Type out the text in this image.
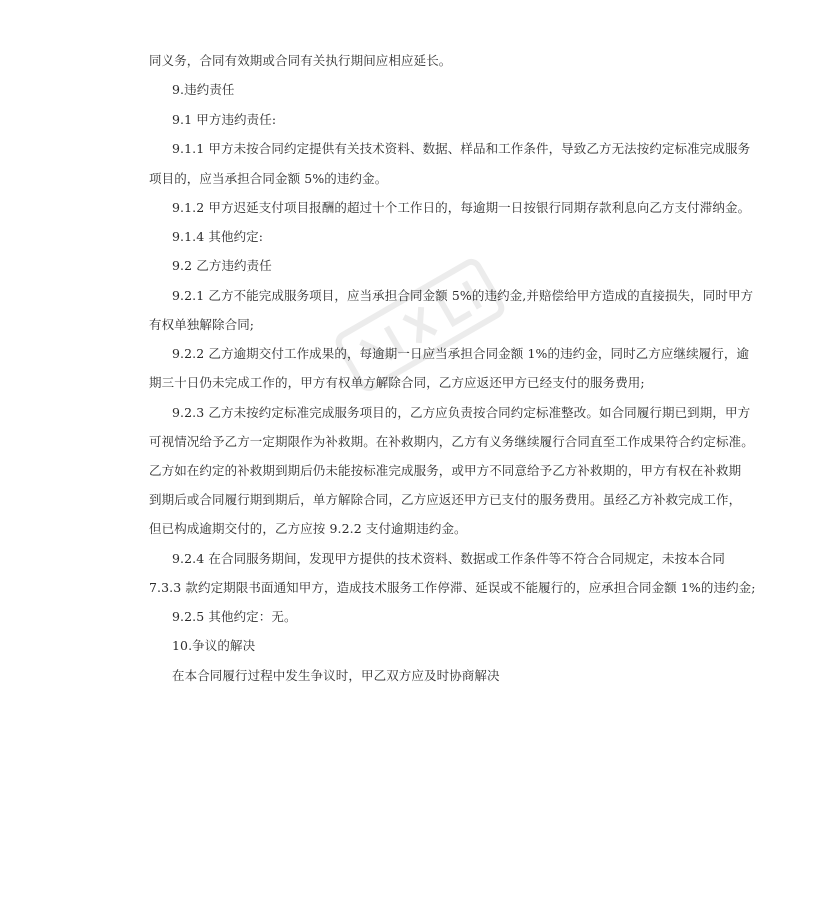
同义务，合同有效期或合同有关执行期间应相应延长。
9.违约责任
9.1 甲方违约责任:
9.1.1 甲方未按合同约定提供有关技术资料、数据、样品和工作条件，导致乙方无法按约定标准完成服务
项目的，应当承担合同金额 5%的违约金。
9.1.2 甲方迟延支付项目报酬的超过十个工作日的，每逾期一日按银行同期存款利息向乙方支付滞纳金。
9.1.4 其他约定:
9.2 乙方违约责任
9.2.1 乙方不能完成服务项目，应当承担合同金额 5%的违约金,并赔偿给甲方造成的直接损失，同时甲方
有权单独解除合同;
9.2.2 乙方逾期交付工作成果的，每逾期一日应当承担合同金额 1%的违约金，同时乙方应继续履行，逾
期三十日仍未完成工作的，甲方有权单方解除合同，乙方应返还甲方已经支付的服务费用;
9.2.3 乙方未按约定标准完成服务项目的，乙方应负责按合同约定标准整改。如合同履行期已到期，甲方
可视情况给予乙方一定期限作为补救期。在补救期内，乙方有义务继续履行合同直至工作成果符合约定标准。
乙方如在约定的补救期到期后仍未能按标准完成服务，或甲方不同意给予乙方补救期的，甲方有权在补救期
到期后或合同履行期到期后，单方解除合同，乙方应返还甲方已支付的服务费用。虽经乙方补救完成工作，
但已构成逾期交付的，乙方应按 9.2.2 支付逾期违约金。
9.2.4 在合同服务期间，发现甲方提供的技术资料、数据或工作条件等不符合合同规定，未按本合同
7.3.3 款约定期限书面通知甲方，造成技术服务工作停滞、延误或不能履行的，应承担合同金额 1%的违约金;
9.2.5 其他约定：无。
10.争议的解决
在本合同履行过程中发生争议时，甲乙双方应及时协商解决
